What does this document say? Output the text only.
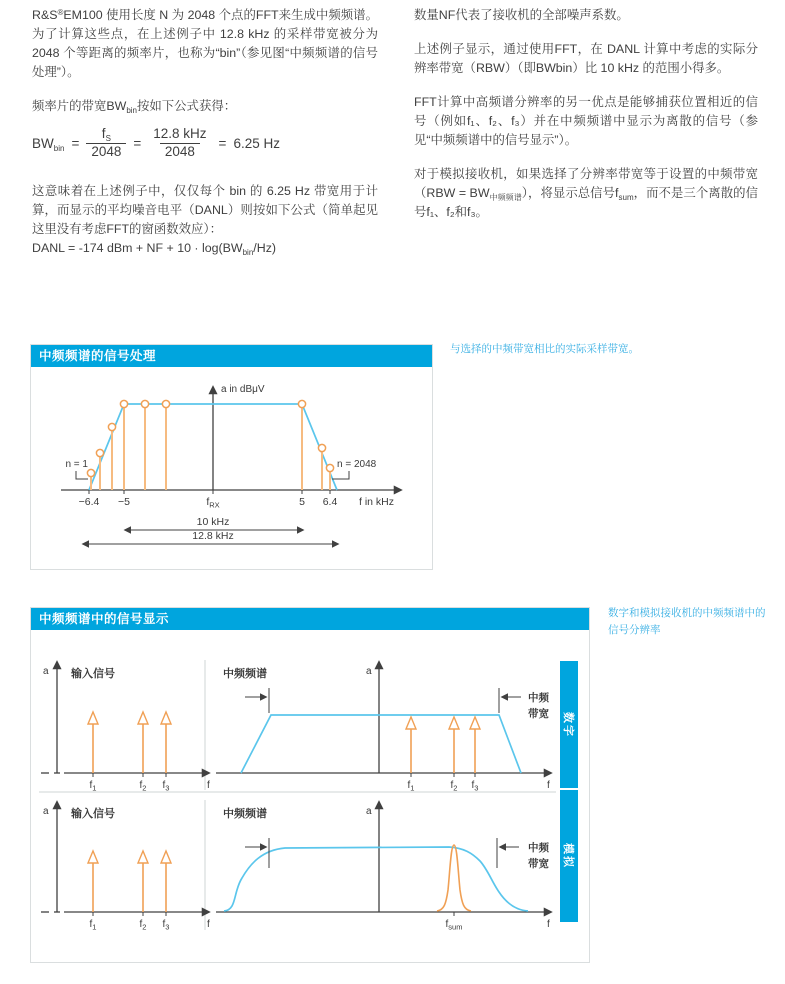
R&S®EM100 使用长度 N 为 2048 个点的FFT来生成中频频谱。为了计算这些点，在上述例子中 12.8 kHz 的采样带宽被分为 2048 个等距离的频率片，也称为“bin”（参见图“中频频谱的信号处理”）。

频率片的带宽$BW_{bin}$按如下公式获得：

$BW_{bin} = \frac{f_S}{2048} = \frac{\text{12.8 kHz}}{2048} = 6.25$ Hz

这意味着在上述例子中，仅仅每个 bin 的 6.25 Hz 带宽用于计算，而显示的平均噪音电平（DANL）则按如下公式（简单起见这里没有考虑FFT的窗函数效应）：

DANL = -174 dBm + NF + $10 \cdot \log(BW_{bin}/Hz)$

数量NF代表了接收机的全部噪声系数。

上述例子显示，通过使用FFT，在 DANL 计算中考虑的实际分辨率带宽（RBW）（即BWbin）比 10 kHz 的范围小得多。

FFT计算中高频谱分辨率的另一优点是能够捕获位置相近的信号（例如f₁、f₂、f₃）并在中频频谱中显示为离散的信号（参见“中频频谱中的信号显示”）。

对于模拟接收机，如果选择了分辨率带宽等于设置的中频带宽$(RBW = BW_{中频频谱})$，将显示总信号$f_{sum}$，而不是三个离散的信号f₁、f₂和f₃。

中频频谱的信号处理
a in dBμV
n = 1	n = 2048
−6.4 −5	$f_{RX}$	5 6.4 f in kHz
10 kHz
12.8 kHz
与选择的中频带宽相比的实际采样带宽。
中频频谱中的信号显示
a 输入信号
$f_1$	$f_2$ $f_3$	f
中频频谱	a
中频
带宽
$f_1$	$f_2$ $f_3$	f
a 输入信号
$f_1$	$f_2$ $f_3$	f
中频频谱	a
中频
带宽
$f_{sum}$	f
数字
模拟
数字和模拟接收机的中频频谱中的信号分辨率
